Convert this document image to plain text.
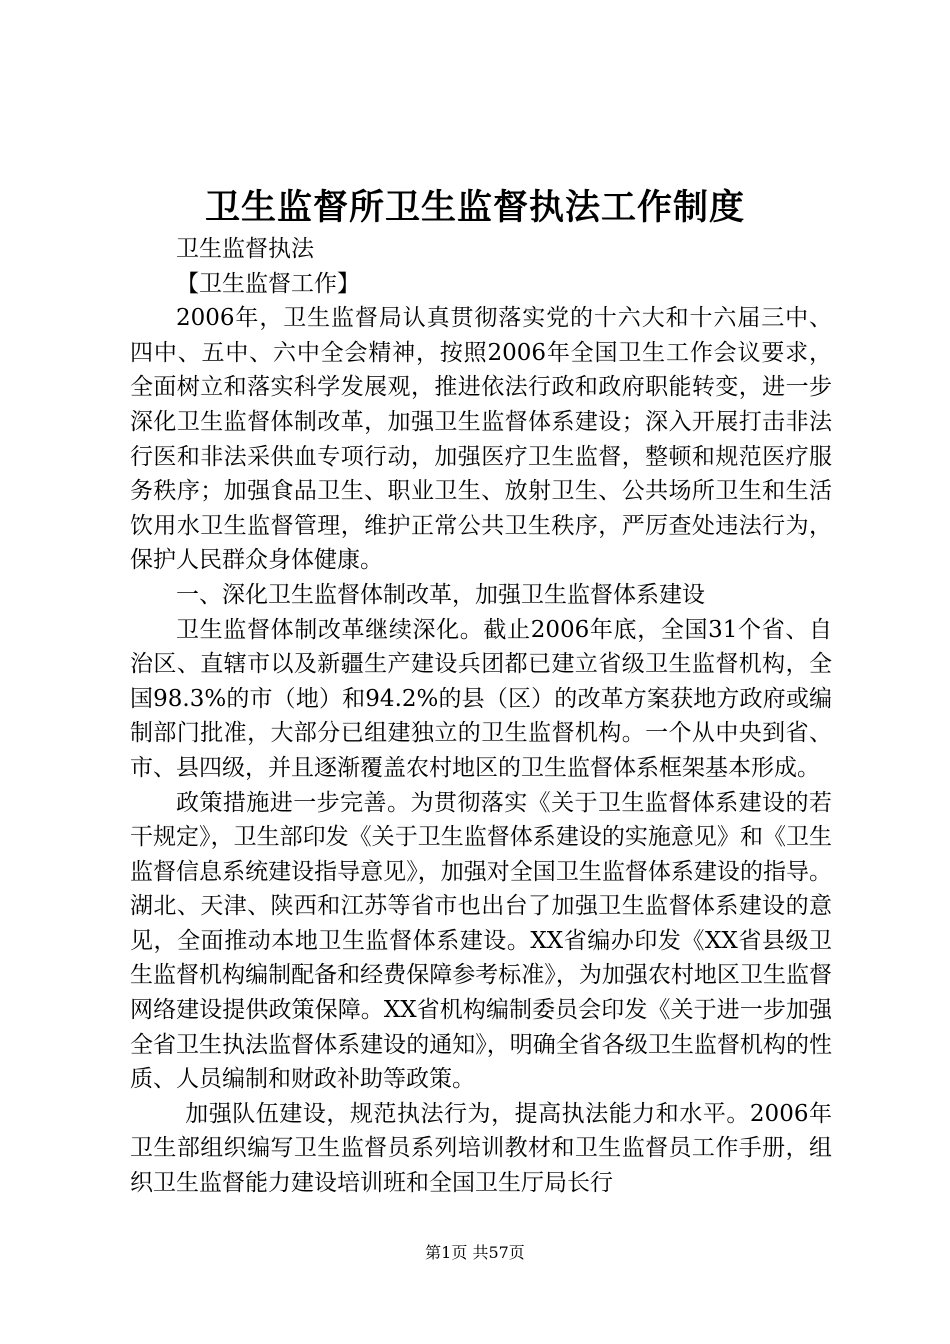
卫生监督所卫生监督执法工作制度

卫生监督执法

【卫生监督工作】

2006年，卫生监督局认真贯彻落实党的十六大和十六届三中、四中、五中、六中全会精神，按照2006年全国卫生工作会议要求，全面树立和落实科学发展观，推进依法行政和政府职能转变，进一步深化卫生监督体制改革，加强卫生监督体系建设；深入开展打击非法行医和非法采供血专项行动，加强医疗卫生监督，整顿和规范医疗服务秩序；加强食品卫生、职业卫生、放射卫生、公共场所卫生和生活饮用水卫生监督管理，维护正常公共卫生秩序，严厉查处违法行为，保护人民群众身体健康。

一、深化卫生监督体制改革，加强卫生监督体系建设

卫生监督体制改革继续深化。截止2006年底，全国31个省、自治区、直辖市以及新疆生产建设兵团都已建立省级卫生监督机构，全国98.3%的市（地）和94.2%的县（区）的改革方案获地方政府或编制部门批准，大部分已组建独立的卫生监督机构。一个从中央到省、市、县四级，并且逐渐覆盖农村地区的卫生监督体系框架基本形成。

政策措施进一步完善。为贯彻落实《关于卫生监督体系建设的若干规定》，卫生部印发《关于卫生监督体系建设的实施意见》和《卫生监督信息系统建设指导意见》，加强对全国卫生监督体系建设的指导。湖北、天津、陕西和江苏等省市也出台了加强卫生监督体系建设的意见，全面推动本地卫生监督体系建设。XX省编办印发《XX省县级卫生监督机构编制配备和经费保障参考标准》，为加强农村地区卫生监督网络建设提供政策保障。XX省机构编制委员会印发《关于进一步加强全省卫生执法监督体系建设的通知》，明确全省各级卫生监督机构的性质、人员编制和财政补助等政策。

加强队伍建设，规范执法行为，提高执法能力和水平。2006年卫生部组织编写卫生监督员系列培训教材和卫生监督员工作手册，组织卫生监督能力建设培训班和全国卫生厅局长行

第1页 共57页
